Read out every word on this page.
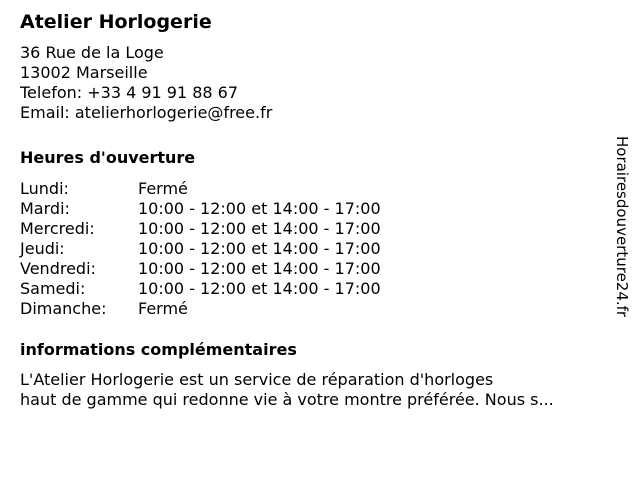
Atelier Horlogerie
36 Rue de la Loge
13002 Marseille
Telefon: +33 4 91 91 88 67
Email: atelierhorlogerie@free.fr
Heures d'ouverture
Lundi:	Fermé
Mardi:	10:00 - 12:00 et 14:00 - 17:00
Mercredi:	10:00 - 12:00 et 14:00 - 17:00
Jeudi:	10:00 - 12:00 et 14:00 - 17:00
Vendredi:	10:00 - 12:00 et 14:00 - 17:00
Samedi:	10:00 - 12:00 et 14:00 - 17:00
Dimanche:	Fermé
informations complémentaires

L'Atelier Horlogerie est un service de réparation d'horloges
haut de gamme qui redonne vie à votre montre préférée. Nous s...

Horairesdouverture24.fr
